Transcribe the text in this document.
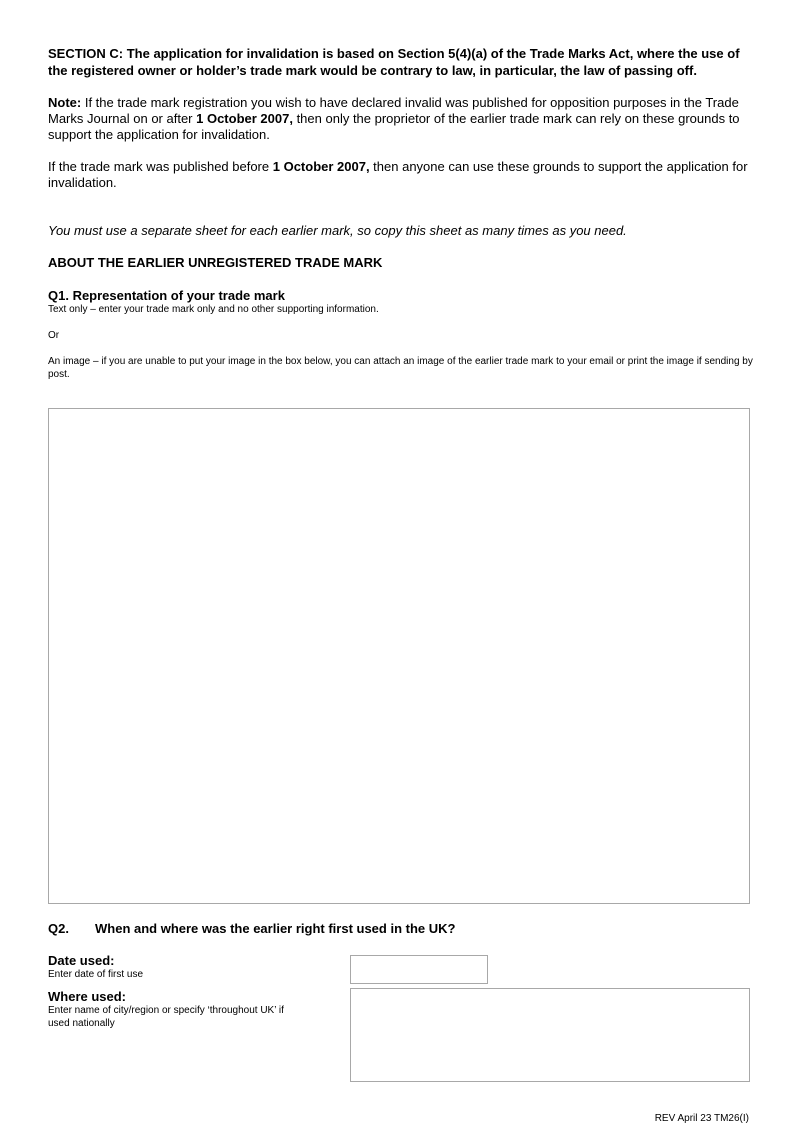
SECTION C: The application for invalidation is based on Section 5(4)(a) of the Trade Marks Act, where the use of the registered owner or holder’s trade mark would be contrary to law, in particular, the law of passing off.
Note: If the trade mark registration you wish to have declared invalid was published for opposition purposes in the Trade Marks Journal on or after 1 October 2007, then only the proprietor of the earlier trade mark can rely on these grounds to support the application for invalidation.
If the trade mark was published before 1 October 2007, then anyone can use these grounds to support the application for invalidation.
You must use a separate sheet for each earlier mark, so copy this sheet as many times as you need.
ABOUT THE EARLIER UNREGISTERED TRADE MARK
Q1. Representation of your trade mark
Text only – enter your trade mark only and no other supporting information.
Or
An image – if you are unable to put your image in the box below, you can attach an image of the earlier trade mark to your email or print the image if sending by post.
Q2. When and where was the earlier right first used in the UK?
Date used:
Enter date of first use
Where used:
Enter name of city/region or specify ‘throughout UK’ if used nationally
REV April 23 TM26(I)
